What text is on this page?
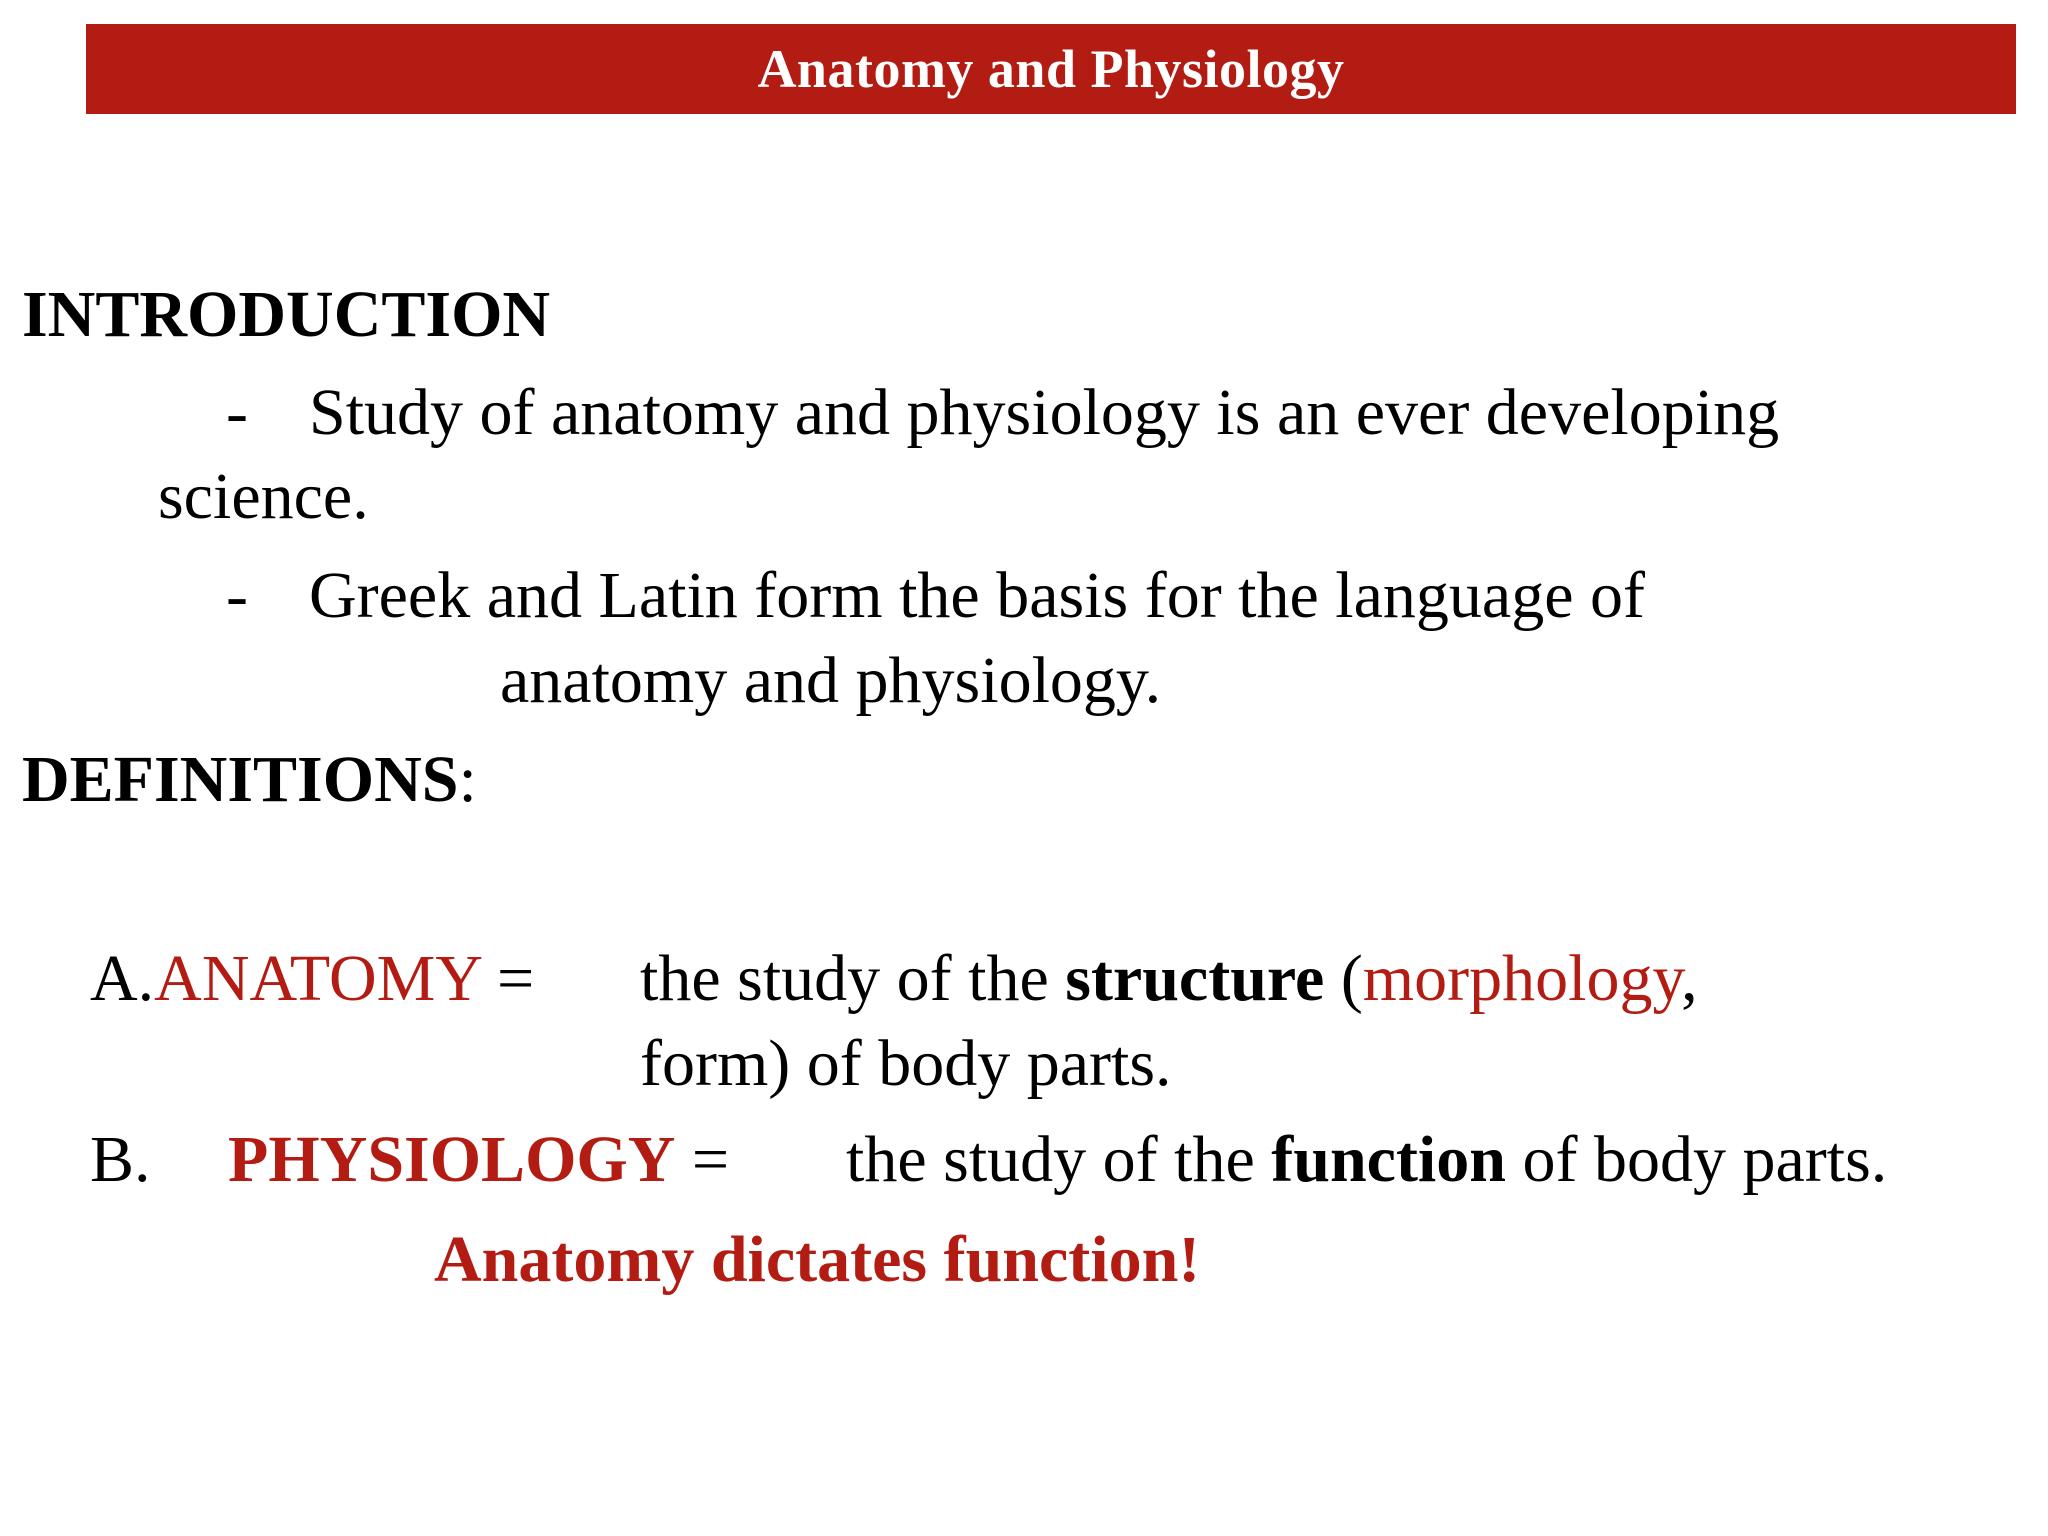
Anatomy and Physiology
INTRODUCTION
- Study of anatomy and physiology is an ever developing
science.
- Greek and Latin form the basis for the language of
anatomy and physiology.
DEFINITIONS:
A.ANATOMY = the study of the structure (morphology,
form) of body parts.
B. PHYSIOLOGY = the study of the function of body parts.
Anatomy dictates function!
